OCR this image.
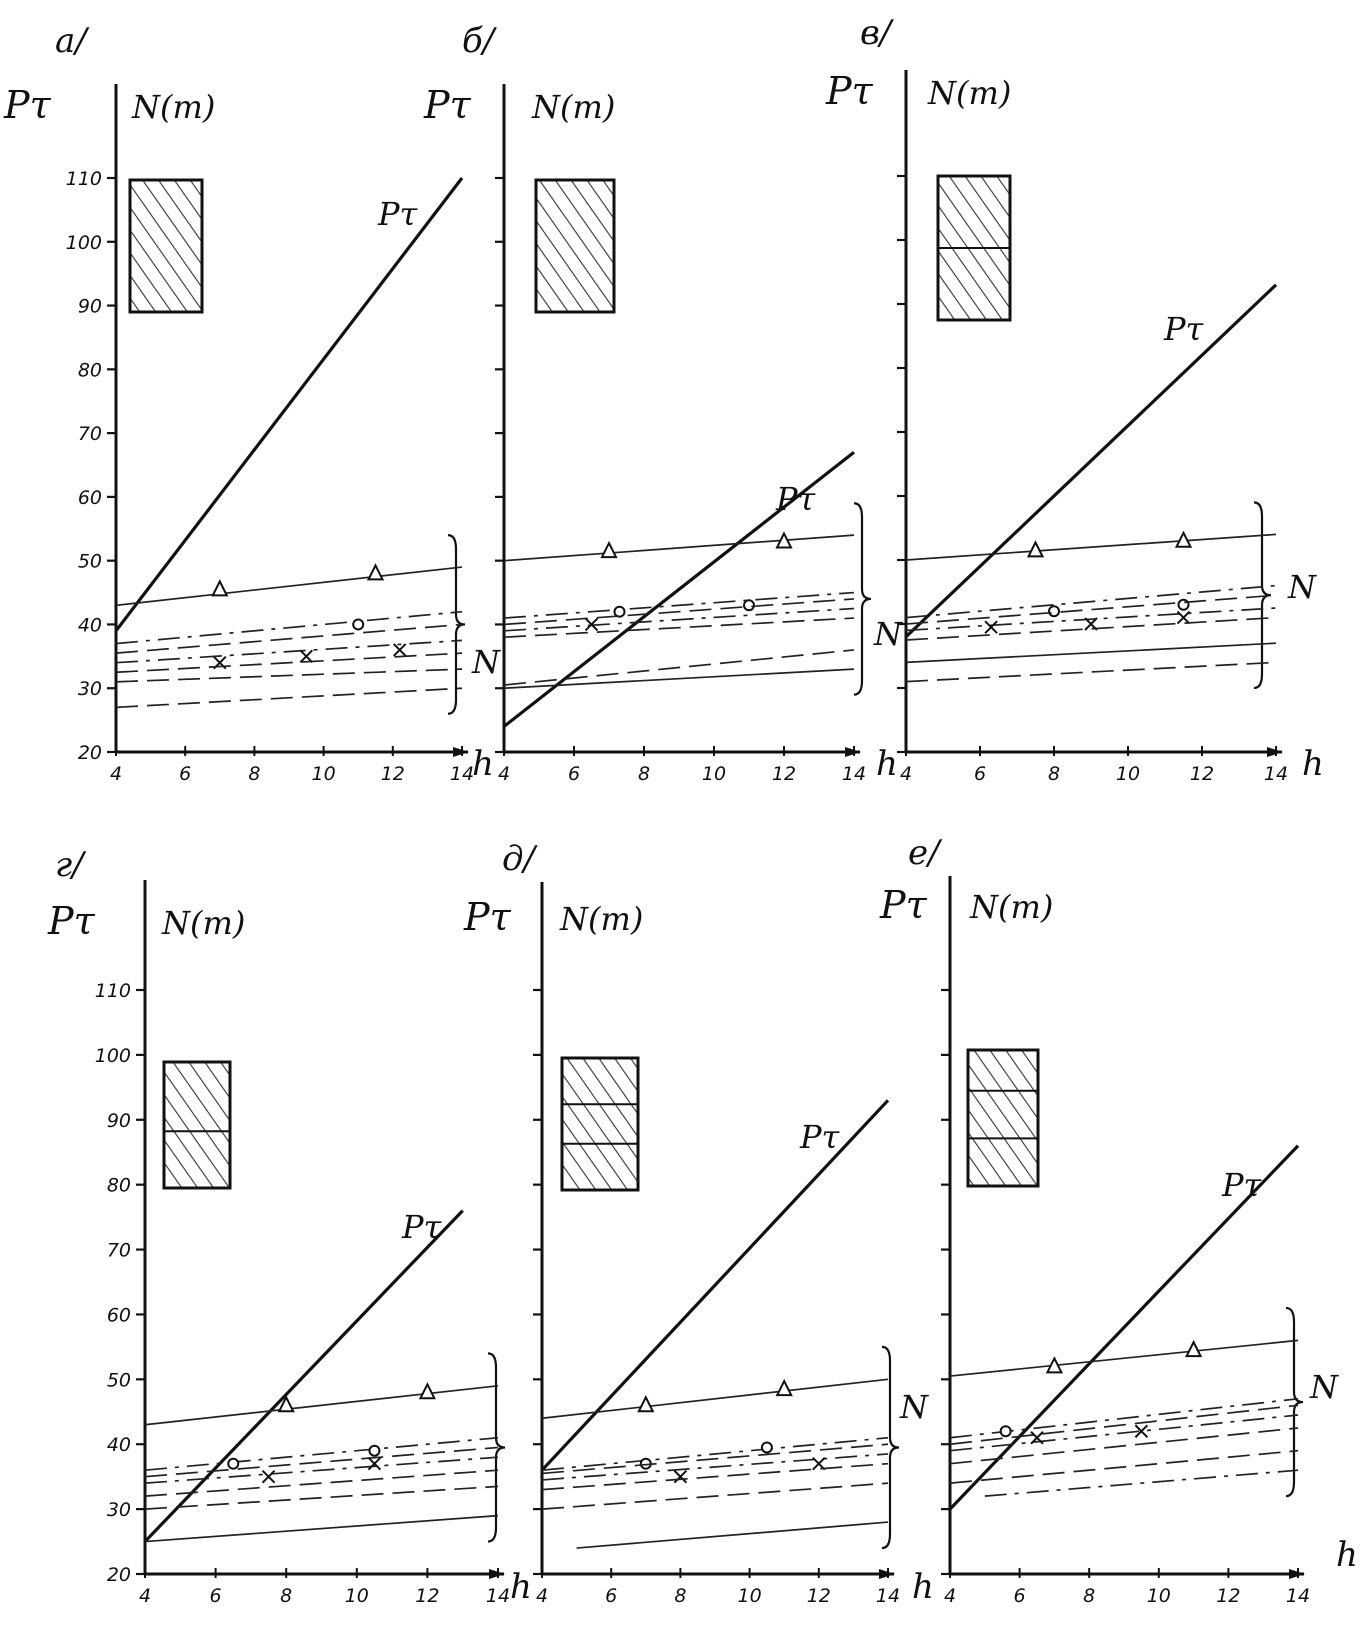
а/
Pτ	N(т)
h
Pτ
N
20
30
40
50
60
70
80
90
100
110
4	6	8	10 12 14
б/
Pτ N(т)
h
Pτ
N
4	6	8	10 12 14
в/
Pτ N(т)
h
Pτ
N
4	6	8	10	12	14
г/
Pτ N(т)
h
Pτ
20
30
40
50
60
70
80
90
100
110
4	6	8	10 12 14
д/
Pτ N(т)
h
Pτ
N
4	6	8	10 12 14
е/
Pτ N(т)
h
Pτ
N
4	6	8	10 12 14
